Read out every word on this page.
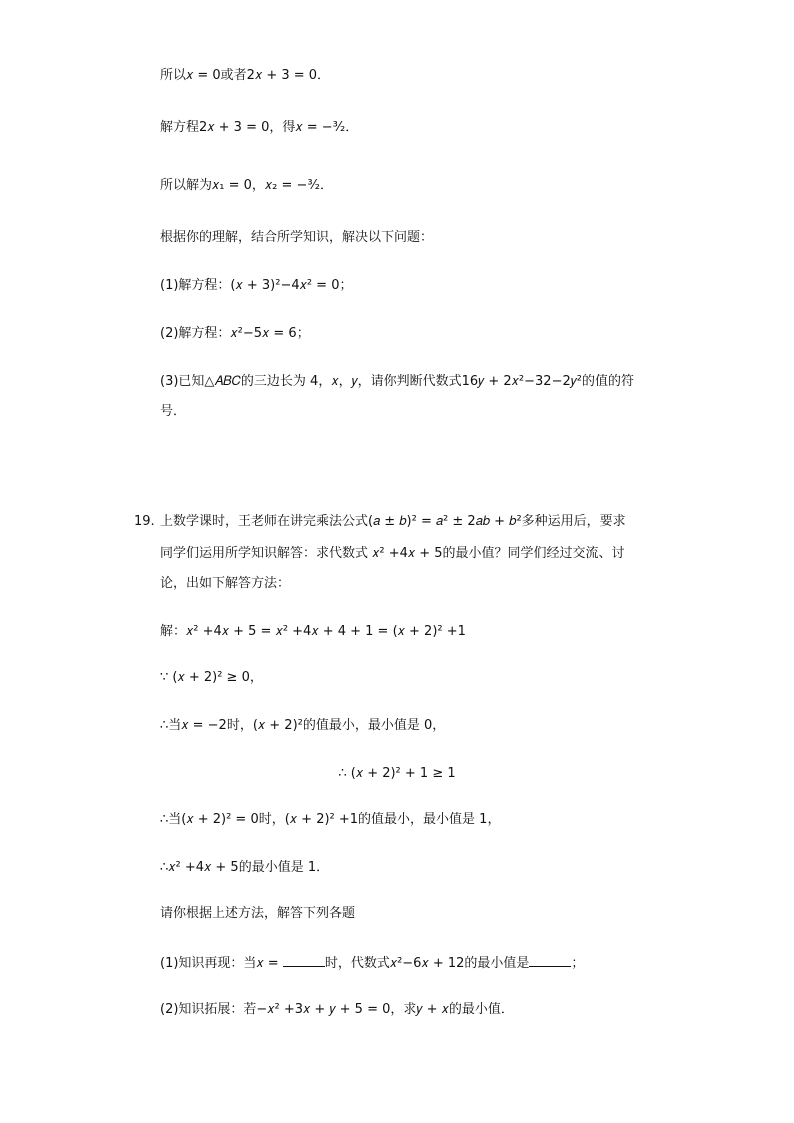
所以𝑥 = 0或者2𝑥 + 3 = 0．
解方程2𝑥 + 3 = 0，得𝑥 = −³⁄₂．
所以解为𝑥₁ = 0，𝑥₂ = −³⁄₂．
根据你的理解，结合所学知识，解决以下问题：
(1)解方程：(𝑥 + 3)²−4𝑥² = 0；
(2)解方程：𝑥²−5𝑥 = 6；
(3)已知△𝐴𝐵𝐶的三边长为 4，𝑥，𝑦，请你判断代数式16𝑦 + 2𝑥²−32−2𝑦²的值的符
号．
19. 上数学课时，王老师在讲完乘法公式(𝑎 ± 𝑏)² = 𝑎² ± 2𝑎𝑏 + 𝑏²多种运用后，要求
同学们运用所学知识解答：求代数式 𝑥² +4𝑥 + 5的最小值？同学们经过交流、讨
论，出如下解答方法：
解：𝑥² +4𝑥 + 5 = 𝑥² +4𝑥 + 4 + 1 = (𝑥 + 2)² +1
∵ (𝑥 + 2)² ≥ 0，
∴当𝑥 = −2时，(𝑥 + 2)²的值最小，最小值是 0，
∴ (𝑥 + 2)² + 1 ≥ 1
∴当(𝑥 + 2)² = 0时，(𝑥 + 2)² +1的值最小，最小值是 1，
∴𝑥² +4𝑥 + 5的最小值是 1．
请你根据上述方法，解答下列各题
(1)知识再现：当𝑥 =	时，代数式𝑥²−6𝑥 + 12的最小值是	；
(2)知识拓展：若−𝑥² +3𝑥 + 𝑦 + 5 = 0，求𝑦 + 𝑥的最小值．
